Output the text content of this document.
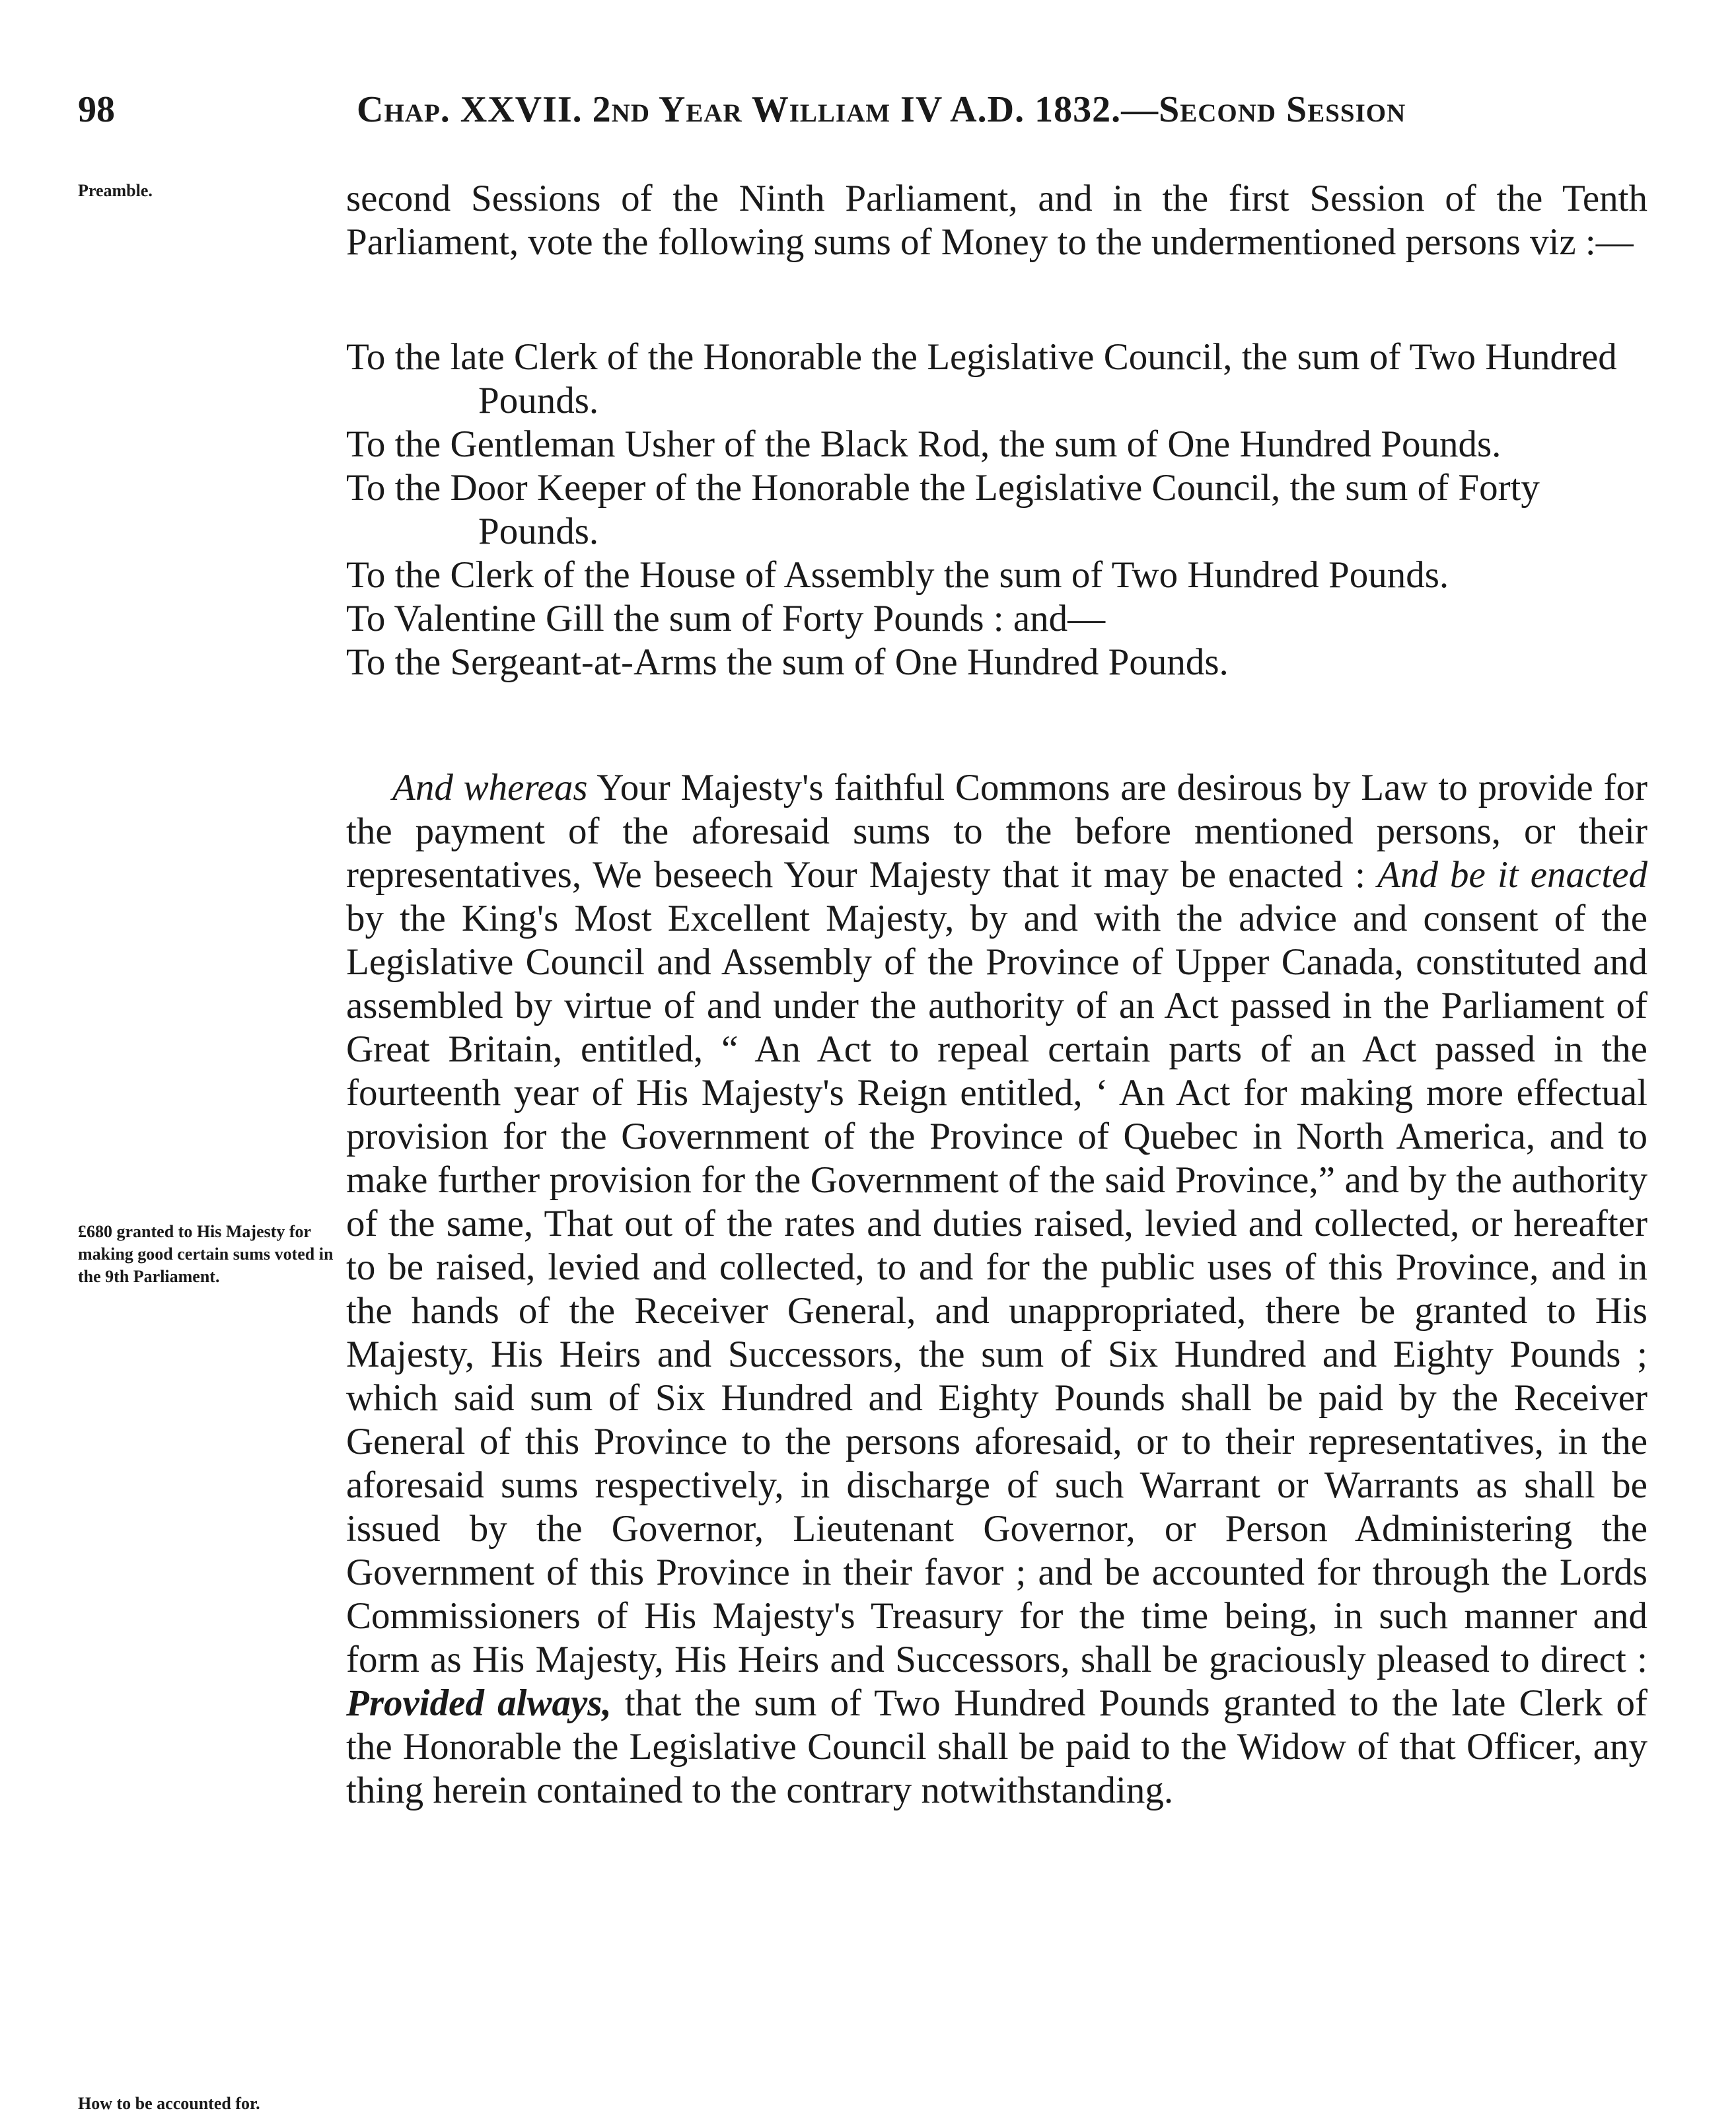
98	Chap. XXVII. 2nd Year William IV A.D. 1832.—Second Session
Preamble.
£680 granted to His Majesty for making good certain sums voted in the 9th Parliament.
How to be accounted for.
second Sessions of the Ninth Parliament, and in the first Session of the Tenth Parliament, vote the following sums of Money to the undermentioned persons viz :—
To the late Clerk of the Honorable the Legislative Council, the sum of Two Hundred Pounds.
To the Gentleman Usher of the Black Rod, the sum of One Hundred Pounds.
To the Door Keeper of the Honorable the Legislative Council, the sum of Forty Pounds.
To the Clerk of the House of Assembly the sum of Two Hundred Pounds.
To Valentine Gill the sum of Forty Pounds : and—
To the Sergeant-at-Arms the sum of One Hundred Pounds.
And whereas Your Majesty's faithful Commons are desirous by Law to provide for the payment of the aforesaid sums to the before mentioned persons, or their representatives, We beseech Your Majesty that it may be enacted : And be it enacted by the King's Most Excellent Majesty, by and with the advice and consent of the Legislative Council and Assembly of the Province of Upper Canada, constituted and assembled by virtue of and under the authority of an Act passed in the Parliament of Great Britain, entitled, “ An Act to repeal certain parts of an Act passed in the fourteenth year of His Majesty's Reign entitled, ‘ An Act for making more effectual provision for the Government of the Province of Quebec in North America, and to make further provision for the Government of the said Province,” and by the authority of the same, That out of the rates and duties raised, levied and collected, or hereafter to be raised, levied and collected, to and for the public uses of this Province, and in the hands of the Receiver General, and unappropriated, there be granted to His Majesty, His Heirs and Successors, the sum of Six Hundred and Eighty Pounds ; which said sum of Six Hundred and Eighty Pounds shall be paid by the Receiver General of this Province to the persons aforesaid, or to their representatives, in the aforesaid sums respectively, in discharge of such Warrant or Warrants as shall be issued by the Governor, Lieutenant Governor, or Person Administering the Government of this Province in their favor ; and be accounted for through the Lords Commissioners of His Majesty's Treasury for the time being, in such manner and form as His Majesty, His Heirs and Successors, shall be graciously pleased to direct : Provided always, that the sum of Two Hundred Pounds granted to the late Clerk of the Honorable the Legislative Council shall be paid to the Widow of that Officer, any thing herein contained to the contrary notwithstanding.
